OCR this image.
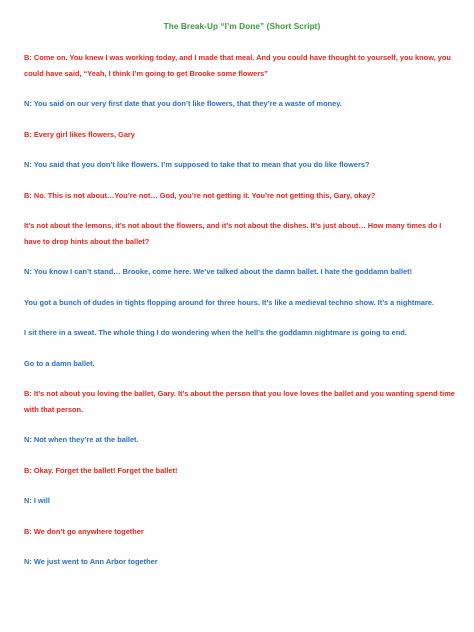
The Break-Up “I’m Done” (Short Script)

B: Come on. You knew I was working today, and I made that meal. And you could have thought to yourself, you know, you could have said, “Yeah, I think I’m going to get Brooke some flowers”

N: You said on our very first date that you don’t like flowers, that they’re a waste of money.

B: Every girl likes flowers, Gary

N: You said that you don’t like flowers. I’m supposed to take that to mean that you do like flowers?

B: No. This is not about…You’re not… God, you’re not getting it. You’re not getting this, Gary, okay?

It’s not about the lemons, it’s not about the flowers, and it’s not about the dishes. It’s just about… How many times do I have to drop hints about the ballet?

N: You know I can’t stand… Brooke, come here. We’ve talked about the damn ballet. I hate the goddamn ballet!

You got a bunch of dudes in tights flopping around for three hours. It’s like a medieval techno show. It’s a nightmare.

I sit there in a sweat. The whole thing I do wondering when the hell’s the goddamn nightmare is going to end.

Go to a damn ballet.

B: It’s not about you loving the ballet, Gary. It’s about the person that you love loves the ballet and you wanting spend time with that person.

N: Not when they’re at the ballet.

B: Okay. Forget the ballet! Forget the ballet!

N: I will

B: We don’t go anywhere together

N: We just went to Ann Arbor together
